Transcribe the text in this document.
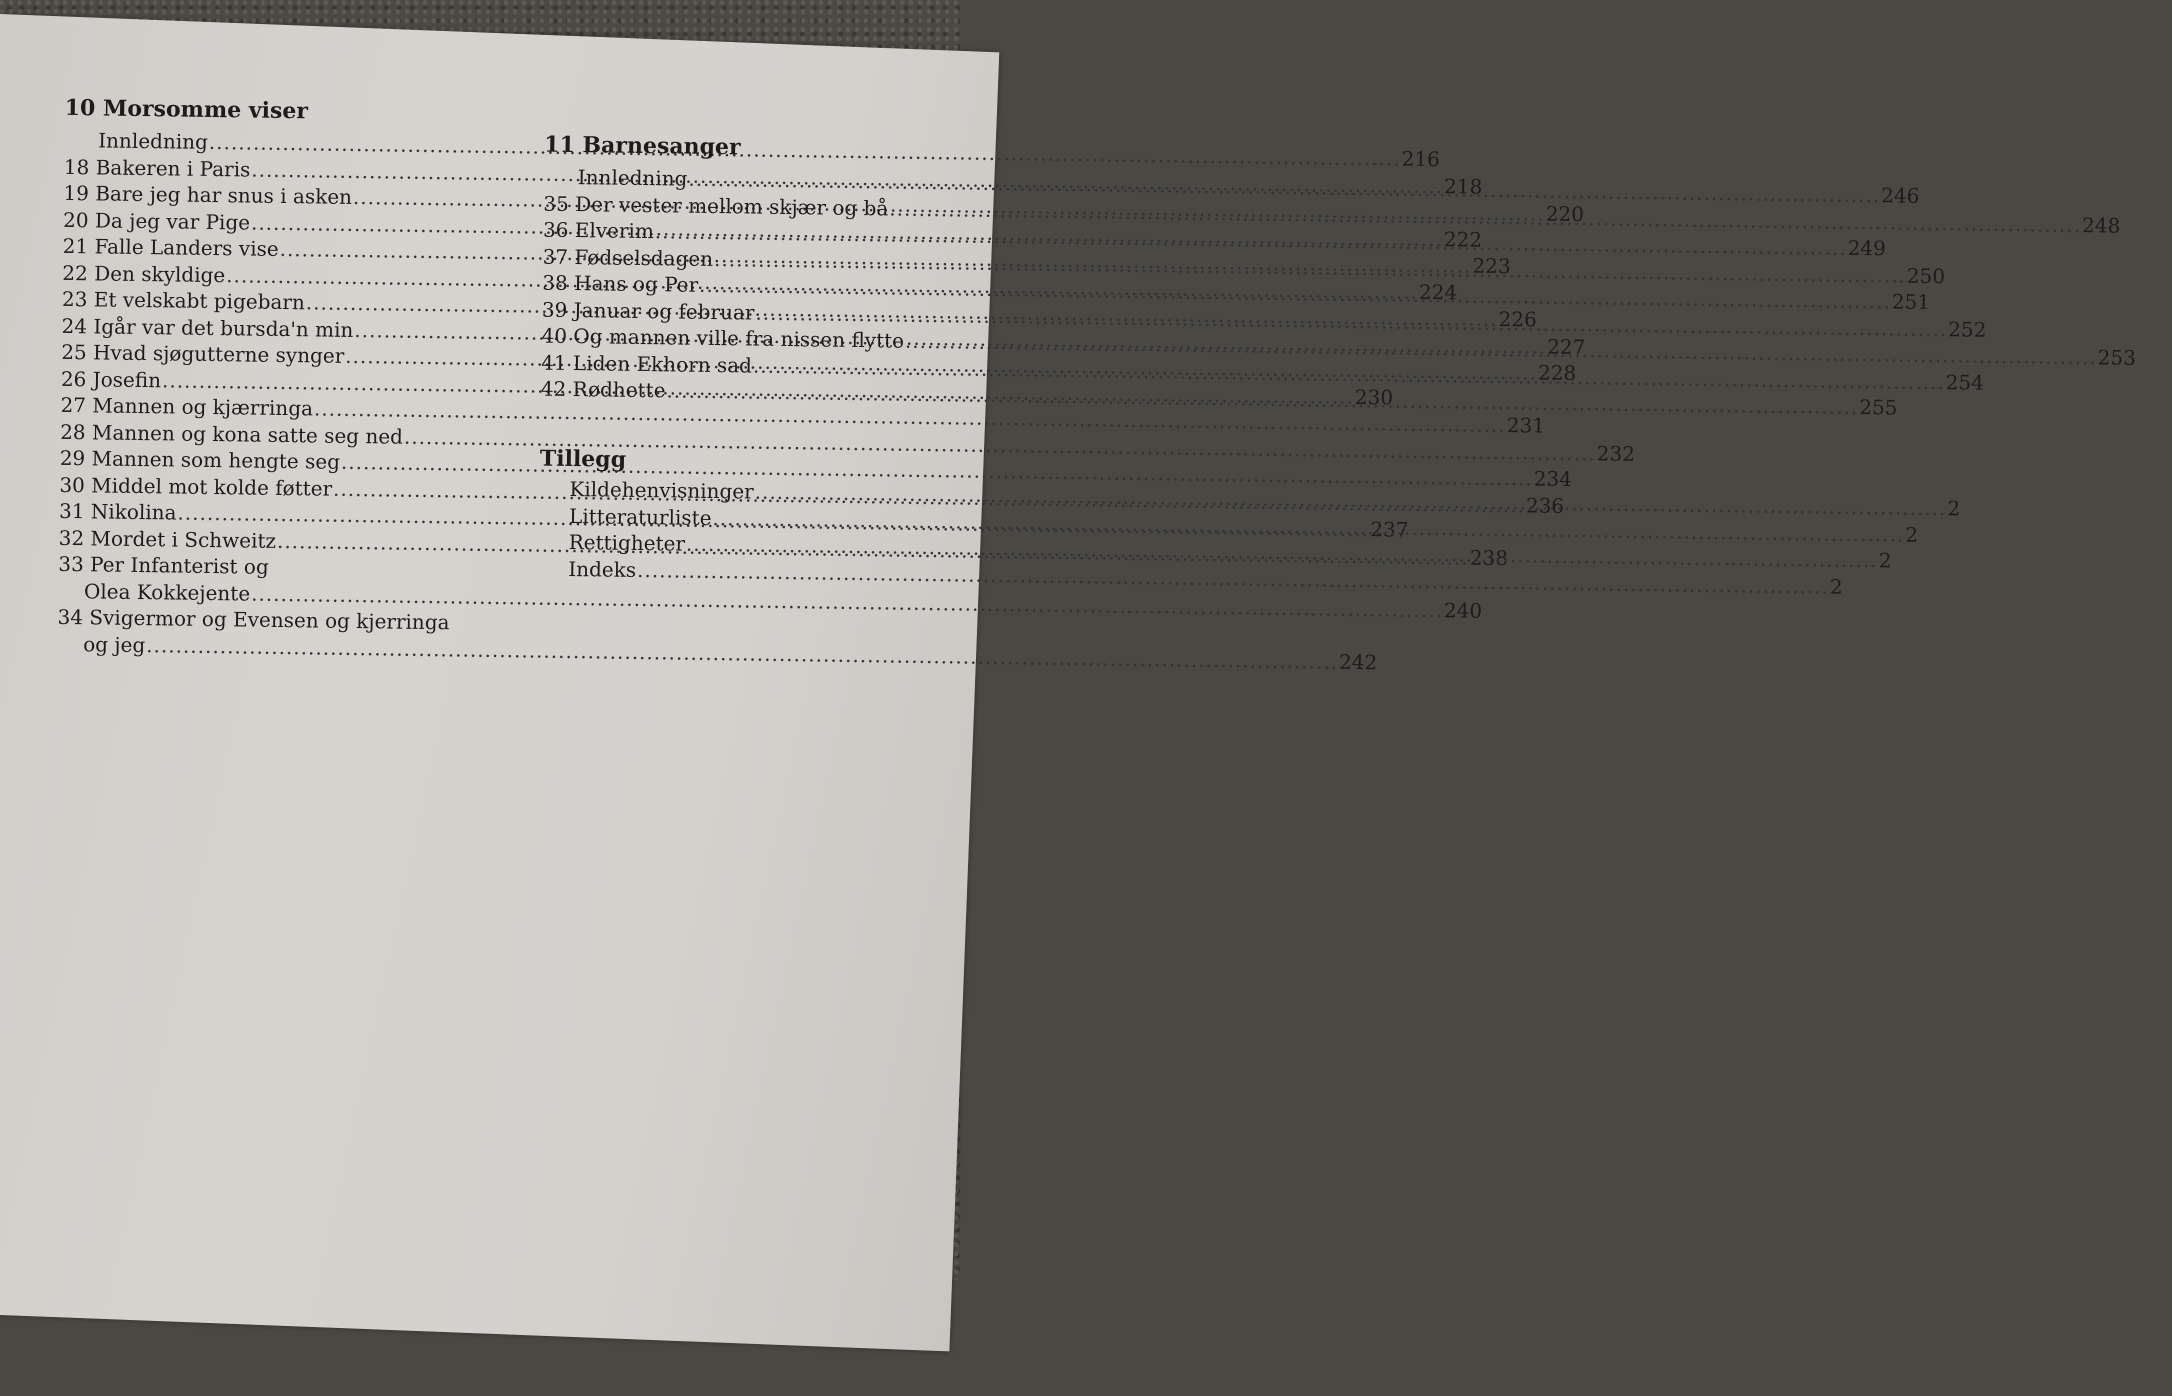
10 Morsomme viser
Innledning
.....
216
18 Bakeren i Paris
.....
218
19 Bare jeg har snus i asken
.....
220
20 Da jeg var Pige
.....
222
21 Falle Landers vise
.....
223
22 Den skyldige
.....
224
23 Et velskabt pigebarn
.....
226
24 Igår var det bursda'n min
.....
227
25 Hvad sjøgutterne synger
.....
228
26 Josefin
.....
230
27 Mannen og kjærringa
.....
231
28 Mannen og kona satte seg ned
.....
232
29 Mannen som hengte seg
.....
234
30 Middel mot kolde føtter
.....
236
31 Nikolina
.....
237
32 Mordet i Schweitz
.....
238
33 Per Infanterist og
Olea Kokkejente
.....
240
34 Svigermor og Evensen og kjerringa
og jeg
.....
242
11 Barnesanger
Innledning
.....
246
35 Der vester mellom skjær og bå
.....
248
36 Elverim
.....
249
37 Fødselsdagen
.....
250
38 Hans og Per
.....
251
39 Januar og februar
.....
252
40 Og mannen ville fra nissen flytte
.....
253
41 Liden Ekhorn sad
.....
254
42 Rødhette
.....
255
Tillegg
Kildehenvisninger
.....
2
Litteraturliste
.....
2
Rettigheter
.....
2
Indeks
.....
2
